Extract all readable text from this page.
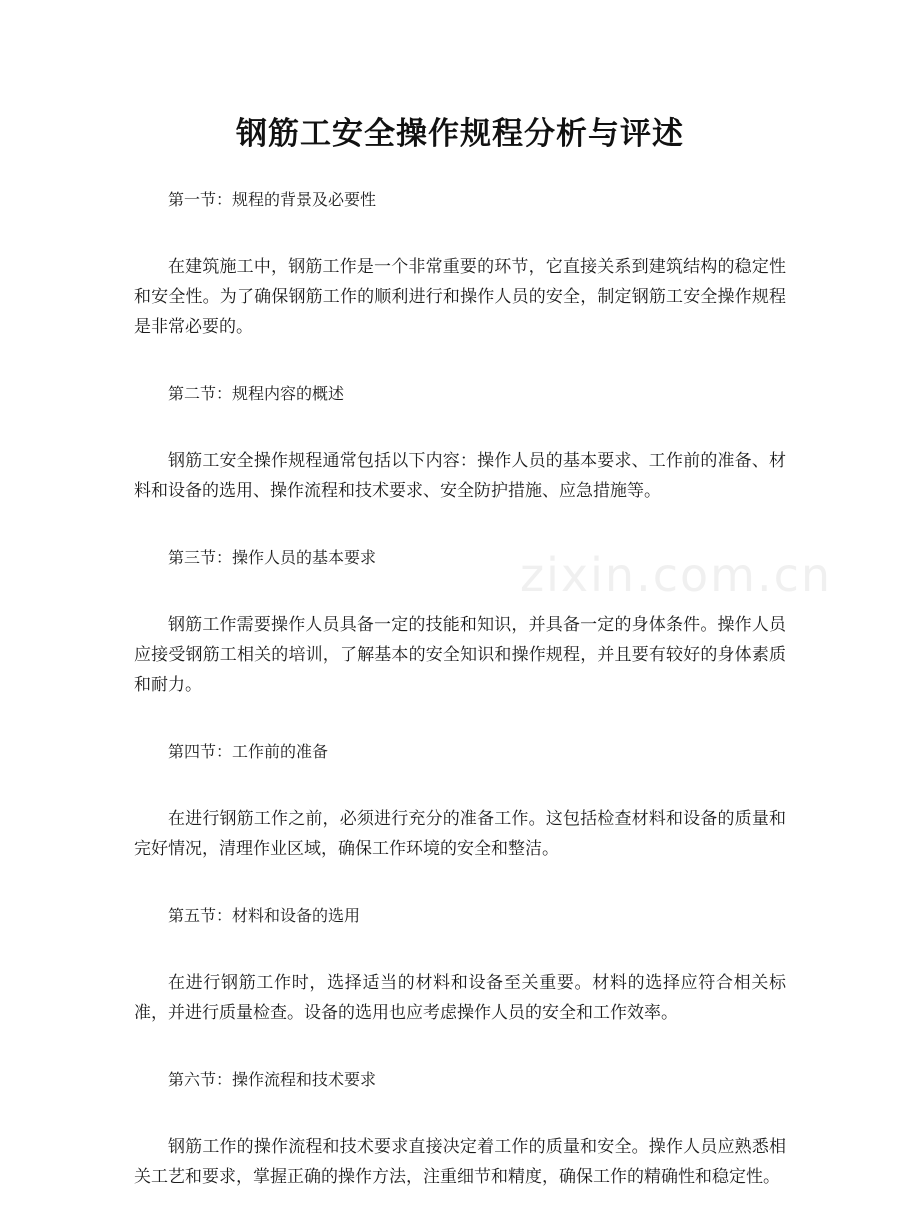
钢筋工安全操作规程分析与评述
zixin.com.cn

第一节：规程的背景及必要性

在建筑施工中，钢筋工作是一个非常重要的环节，它直接关系到建筑结构的稳定性和安全性。为了确保钢筋工作的顺利进行和操作人员的安全，制定钢筋工安全操作规程是非常必要的。

第二节：规程内容的概述

钢筋工安全操作规程通常包括以下内容：操作人员的基本要求、工作前的准备、材料和设备的选用、操作流程和技术要求、安全防护措施、应急措施等。

第三节：操作人员的基本要求

钢筋工作需要操作人员具备一定的技能和知识，并具备一定的身体条件。操作人员应接受钢筋工相关的培训，了解基本的安全知识和操作规程，并且要有较好的身体素质和耐力。

第四节：工作前的准备

在进行钢筋工作之前，必须进行充分的准备工作。这包括检查材料和设备的质量和完好情况，清理作业区域，确保工作环境的安全和整洁。

第五节：材料和设备的选用

在进行钢筋工作时，选择适当的材料和设备至关重要。材料的选择应符合相关标准，并进行质量检查。设备的选用也应考虑操作人员的安全和工作效率。

第六节：操作流程和技术要求

钢筋工作的操作流程和技术要求直接决定着工作的质量和安全。操作人员应熟悉相关工艺和要求，掌握正确的操作方法，注重细节和精度，确保工作的精确性和稳定性。
